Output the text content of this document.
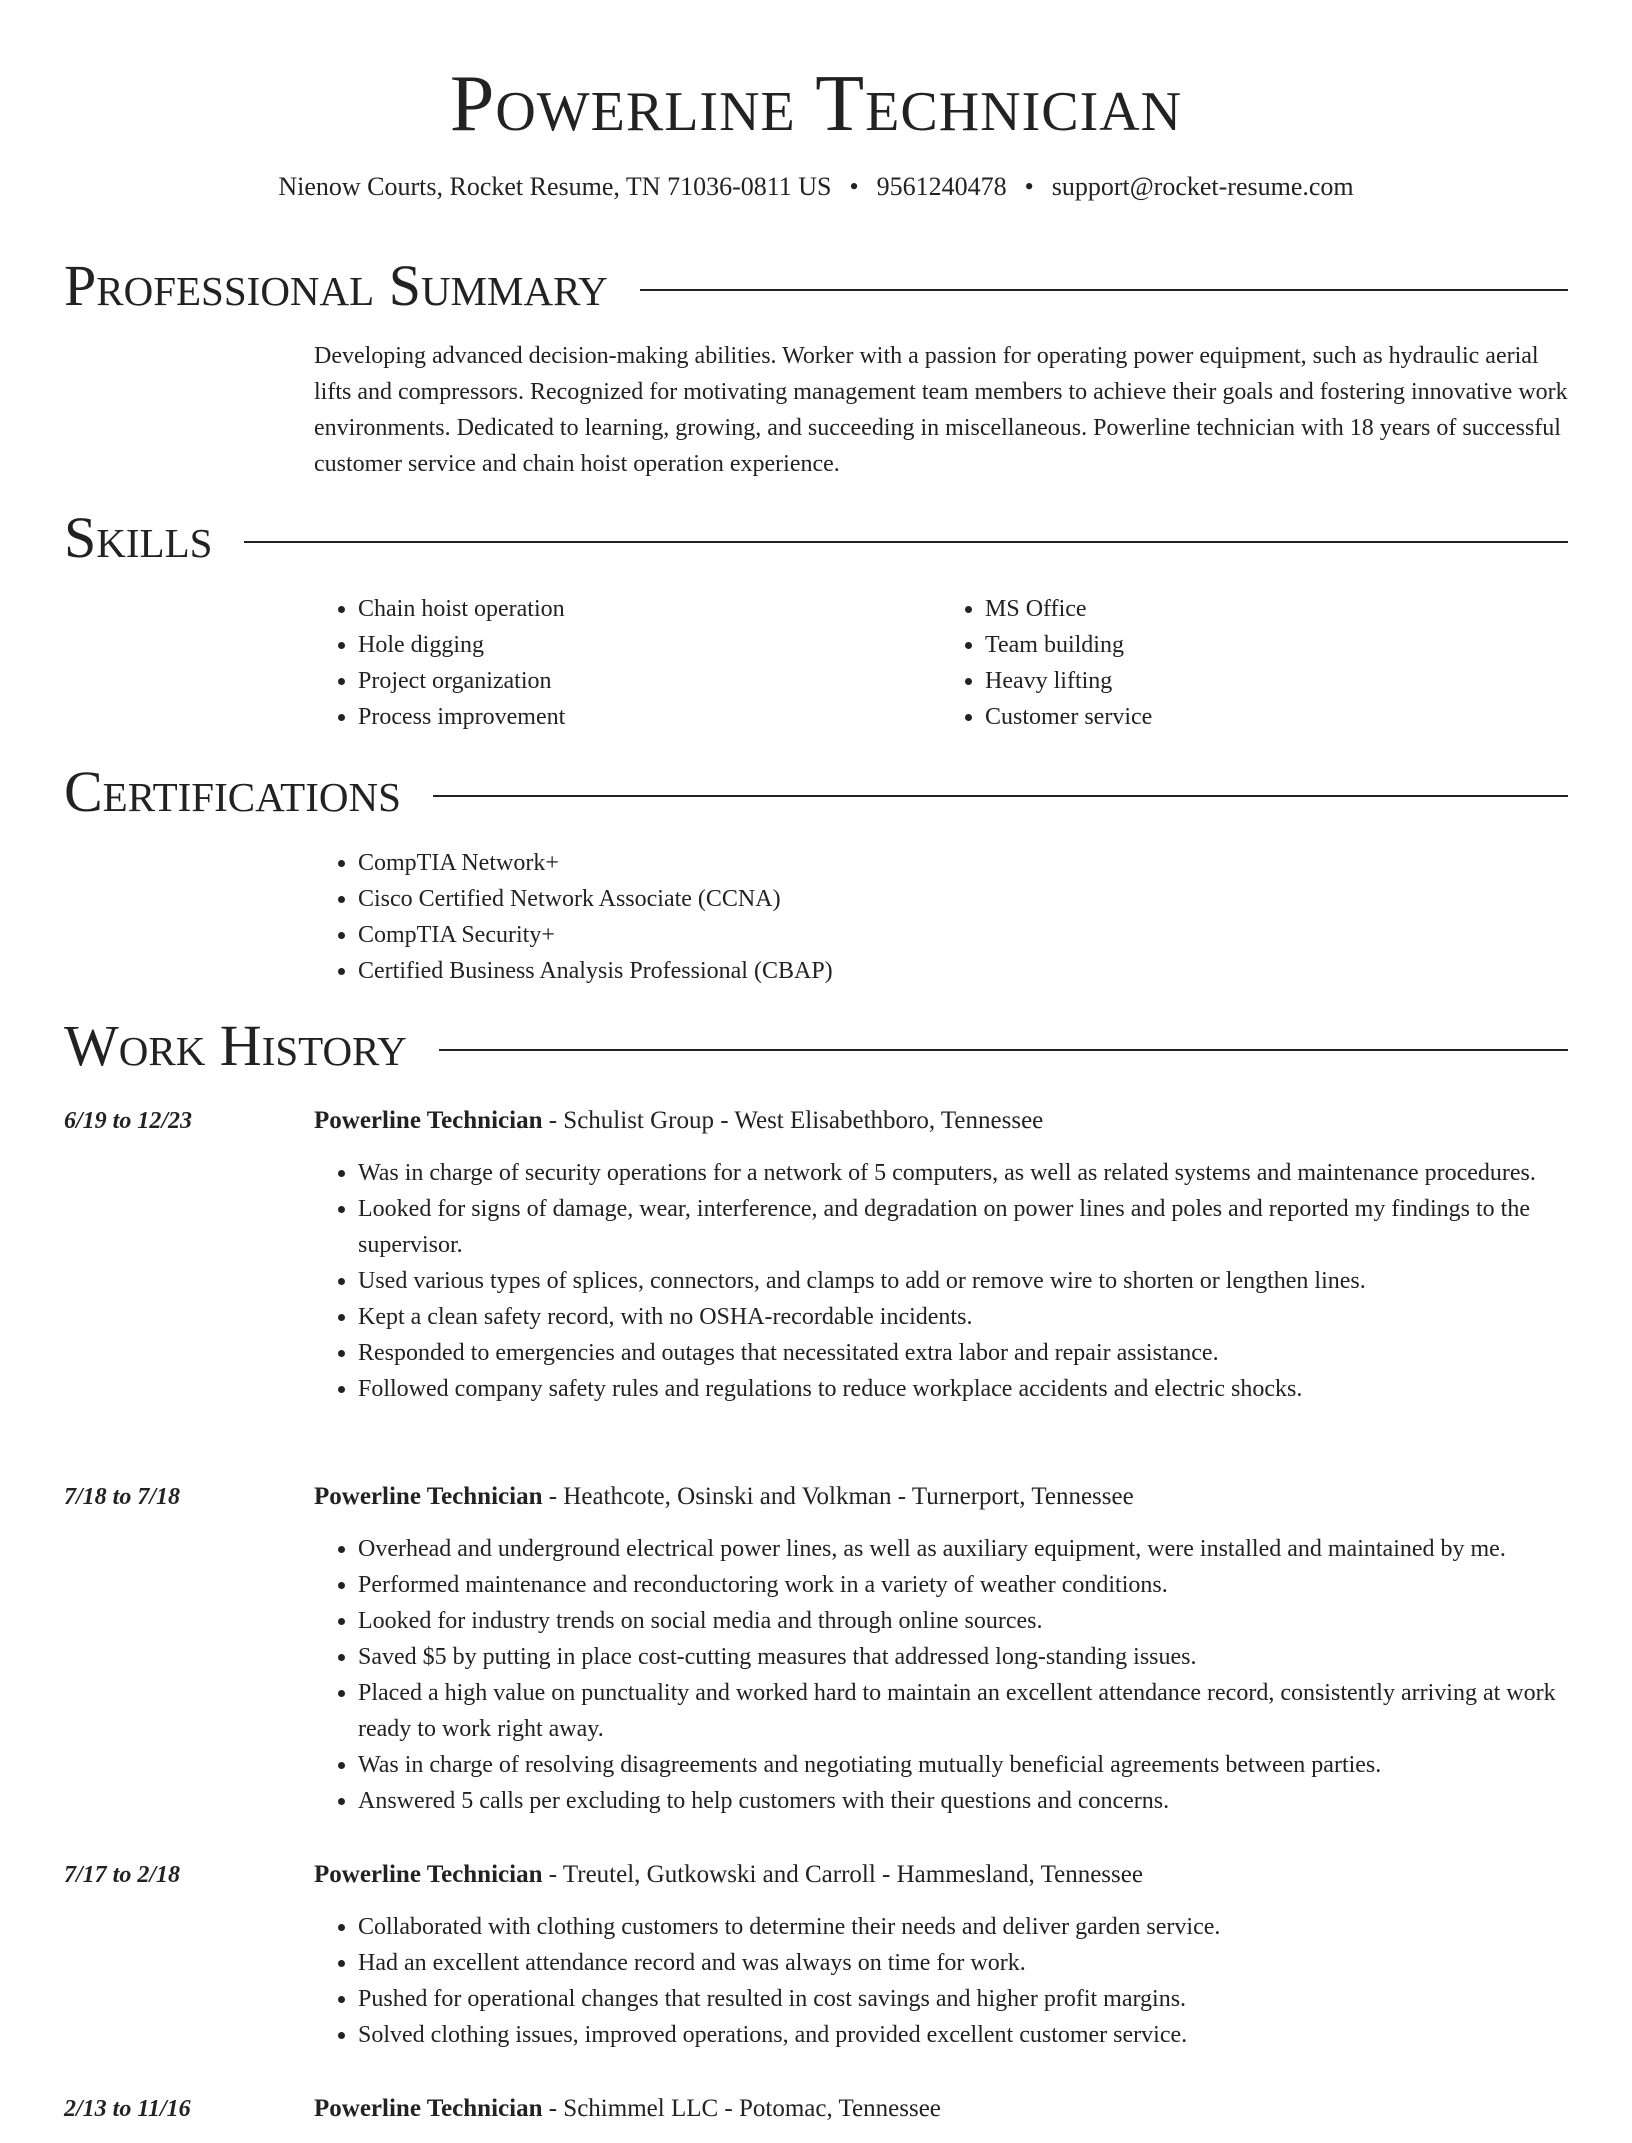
Powerline Technician

Nienow Courts, Rocket Resume, TN 71036-0811 US • 9561240478 • support@rocket-resume.com

Professional Summary
Developing advanced decision-making abilities. Worker with a passion for operating power equipment, such as hydraulic aerial lifts and compressors. Recognized for motivating management team members to achieve their goals and fostering innovative work environments. Dedicated to learning, growing, and succeeding in miscellaneous. Powerline technician with 18 years of successful customer service and chain hoist operation experience.
Skills
• Chain hoist operation
• Hole digging
• Project organization
• Process improvement
• MS Office
• Team building
• Heavy lifting
• Customer service
Certifications
• CompTIA Network+
• Cisco Certified Network Associate (CCNA)
• CompTIA Security+
• Certified Business Analysis Professional (CBAP)
Work History
6/19 to 12/23	Powerline Technician - Schulist Group - West Elisabethboro, Tennessee
• Was in charge of security operations for a network of 5 computers, as well as related systems and maintenance procedures.
• Looked for signs of damage, wear, interference, and degradation on power lines and poles and reported my findings to the supervisor.
• Used various types of splices, connectors, and clamps to add or remove wire to shorten or lengthen lines.
• Kept a clean safety record, with no OSHA-recordable incidents.
• Responded to emergencies and outages that necessitated extra labor and repair assistance.
• Followed company safety rules and regulations to reduce workplace accidents and electric shocks.
7/18 to 7/18	Powerline Technician - Heathcote, Osinski and Volkman - Turnerport, Tennessee
• Overhead and underground electrical power lines, as well as auxiliary equipment, were installed and maintained by me.
• Performed maintenance and reconductoring work in a variety of weather conditions.
• Looked for industry trends on social media and through online sources.
• Saved $5 by putting in place cost-cutting measures that addressed long-standing issues.
• Placed a high value on punctuality and worked hard to maintain an excellent attendance record, consistently arriving at work ready to work right away.
• Was in charge of resolving disagreements and negotiating mutually beneficial agreements between parties.
• Answered 5 calls per excluding to help customers with their questions and concerns.
7/17 to 2/18	Powerline Technician - Treutel, Gutkowski and Carroll - Hammesland, Tennessee
• Collaborated with clothing customers to determine their needs and deliver garden service.
• Had an excellent attendance record and was always on time for work.
• Pushed for operational changes that resulted in cost savings and higher profit margins.
• Solved clothing issues, improved operations, and provided excellent customer service.
2/13 to 11/16	Powerline Technician - Schimmel LLC - Potomac, Tennessee
